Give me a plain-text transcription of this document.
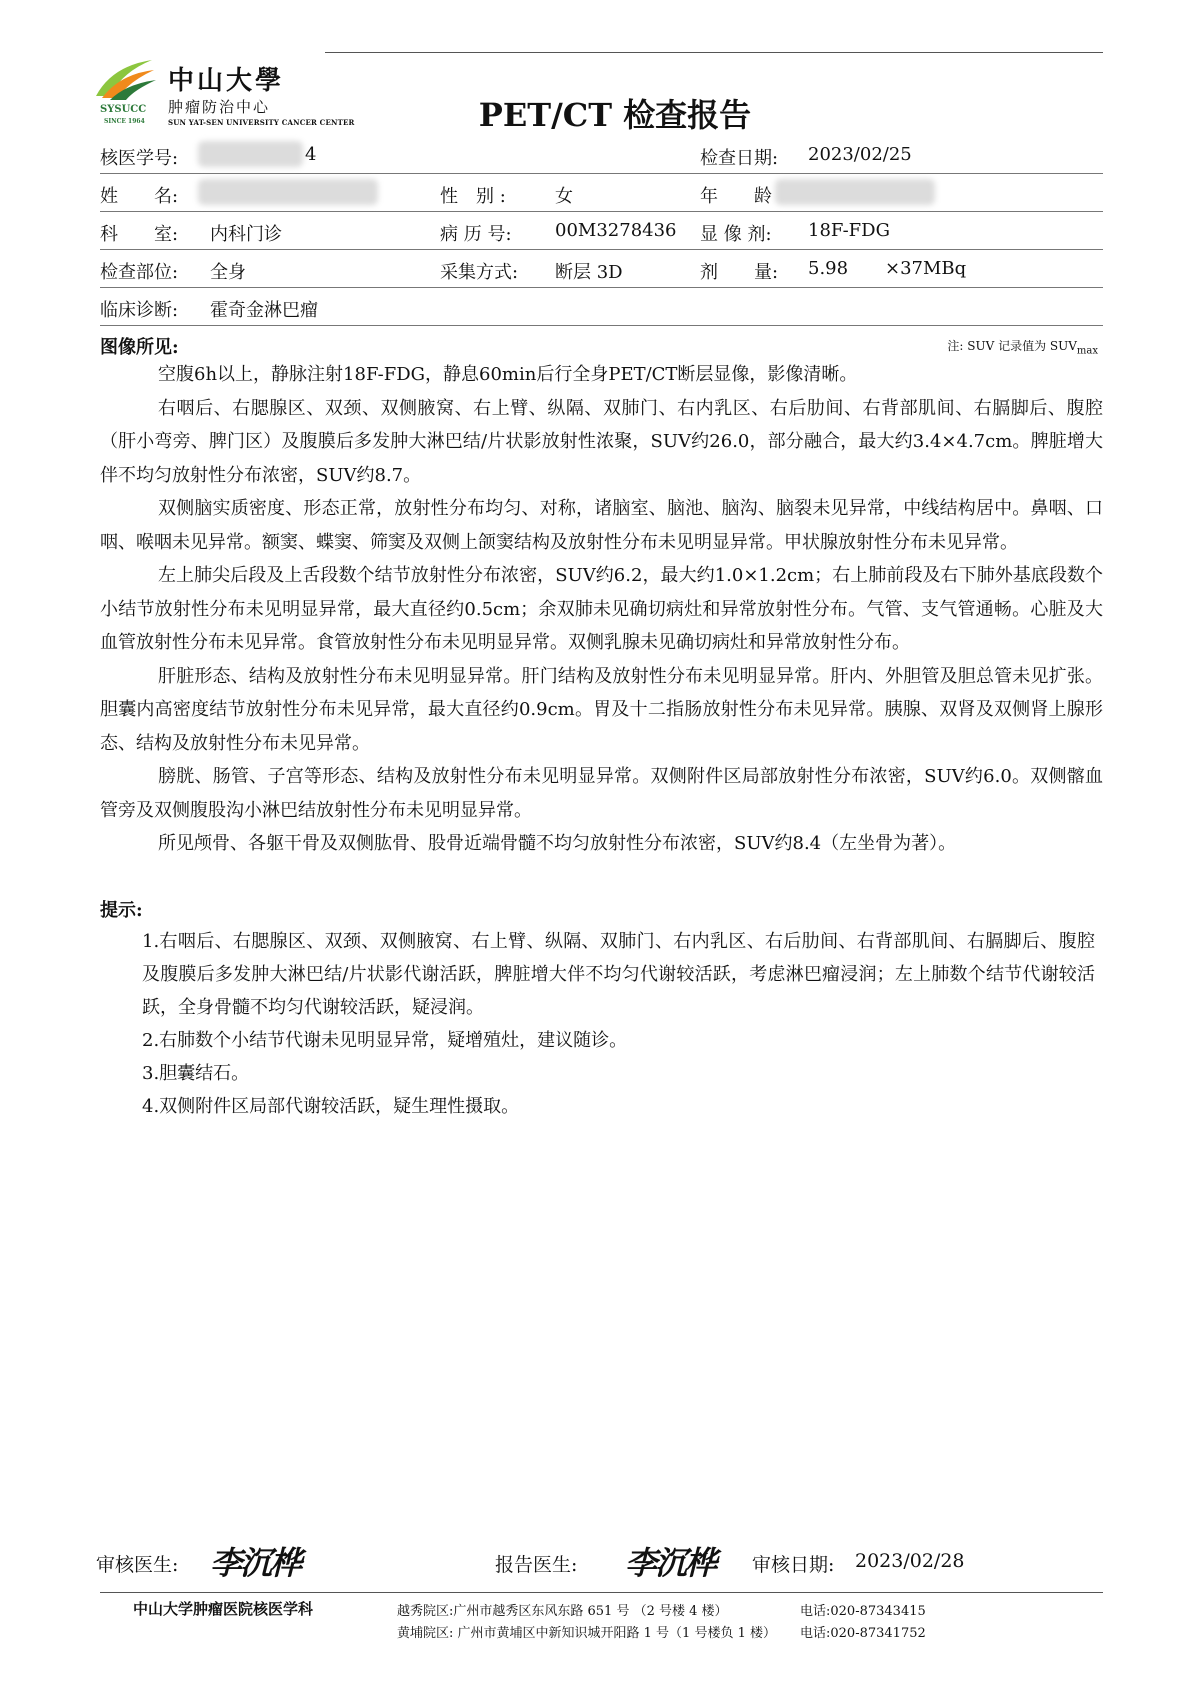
SYSUCC
SINCE 1964
中山大學
肿瘤防治中心
SUN YAT-SEN UNIVERSITY CANCER CENTER	PET/CT 检查报告
核医学号:	4	检查日期: 2023/02/25
姓　　名:	性　别 :	女	年　　龄
科　　室: 内科门诊	病 历 号: 00M3278436 显 像 剂: 18F-FDG
检查部位: 全身	采集方式: 断层 3D	剂　　量: 5.98 ×37MBq
临床诊断: 霍奇金淋巴瘤
图像所见:	注: SUV 记录值为 $SUV_{max}$
空腹6h以上，静脉注射18F-FDG，静息60min后行全身PET/CT断层显像，影像清晰。
右咽后、右腮腺区、双颈、双侧腋窝、右上臂、纵隔、双肺门、右内乳区、右后肋间、右背部肌间、右膈脚后、腹腔（肝小弯旁、脾门区）及腹膜后多发肿大淋巴结/片状影放射性浓聚，SUV约26.0，部分融合，最大约3.4×4.7cm。脾脏增大伴不均匀放射性分布浓密，SUV约8.7。
双侧脑实质密度、形态正常，放射性分布均匀、对称，诸脑室、脑池、脑沟、脑裂未见异常，中线结构居中。鼻咽、口咽、喉咽未见异常。额窦、蝶窦、筛窦及双侧上颌窦结构及放射性分布未见明显异常。甲状腺放射性分布未见异常。
左上肺尖后段及上舌段数个结节放射性分布浓密，SUV约6.2，最大约1.0×1.2cm；右上肺前段及右下肺外基底段数个小结节放射性分布未见明显异常，最大直径约0.5cm；余双肺未见确切病灶和异常放射性分布。气管、支气管通畅。心脏及大血管放射性分布未见异常。食管放射性分布未见明显异常。双侧乳腺未见确切病灶和异常放射性分布。
肝脏形态、结构及放射性分布未见明显异常。肝门结构及放射性分布未见明显异常。肝内、外胆管及胆总管未见扩张。胆囊内高密度结节放射性分布未见异常，最大直径约0.9cm。胃及十二指肠放射性分布未见异常。胰腺、双肾及双侧肾上腺形态、结构及放射性分布未见异常。
膀胱、肠管、子宫等形态、结构及放射性分布未见明显异常。双侧附件区局部放射性分布浓密，SUV约6.0。双侧髂血管旁及双侧腹股沟小淋巴结放射性分布未见明显异常。
所见颅骨、各躯干骨及双侧肱骨、股骨近端骨髓不均匀放射性分布浓密，SUV约8.4（左坐骨为著）。
提示:
1.右咽后、右腮腺区、双颈、双侧腋窝、右上臂、纵隔、双肺门、右内乳区、右后肋间、右背部肌间、右膈脚后、腹腔及腹膜后多发肿大淋巴结/片状影代谢活跃，脾脏增大伴不均匀代谢较活跃，考虑淋巴瘤浸润；左上肺数个结节代谢较活跃，全身骨髓不均匀代谢较活跃，疑浸润。
2.右肺数个小结节代谢未见明显异常，疑增殖灶，建议随诊。
3.胆囊结石。
4.双侧附件区局部代谢较活跃，疑生理性摄取。
审核医生: 李沉桦	报告医生: 李沉桦 审核日期: 2023/02/28
中山大学肿瘤医院核医学科	越秀院区:广州市越秀区东风东路 651 号 （2 号楼 4 楼）
黄埔院区: 广州市黄埔区中新知识城开阳路 1 号（1 号楼负 1 楼）
电话:020-87343415
电话:020-87341752
